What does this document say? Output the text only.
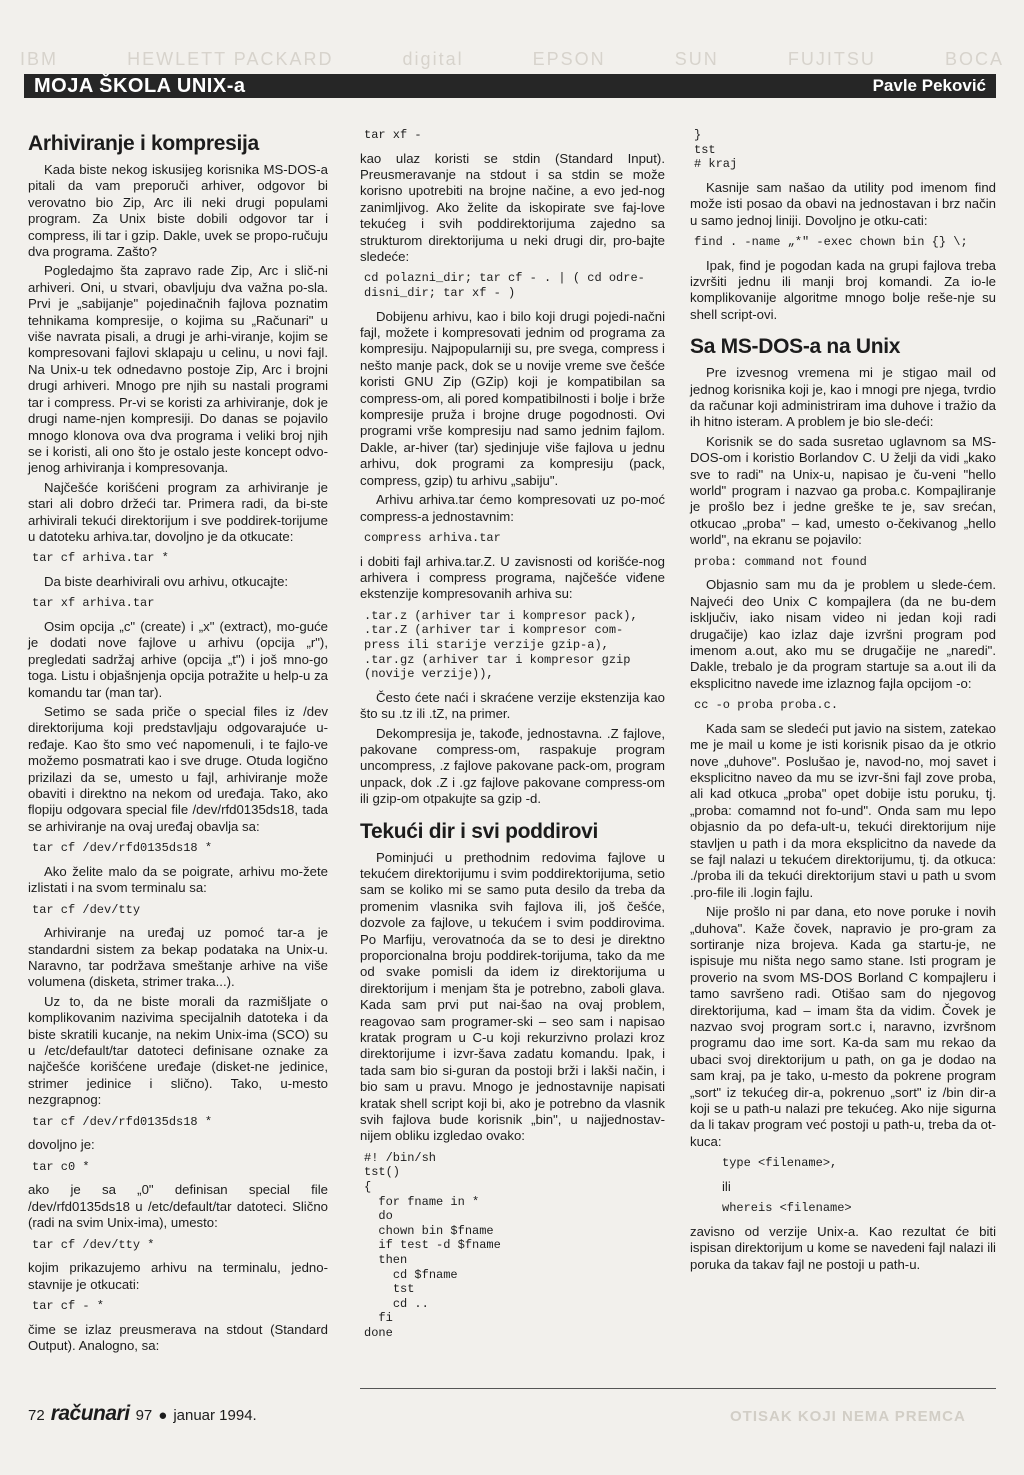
IBM	HEWLETT PACKARD	digital	EPSON	SUN	FUJITSU	BOCA
MOJA ŠKOLA UNIX-a	Pavle Peković
Arhiviranje i kompresija

Kada biste nekog iskusijeg korisnika MS-DOS-a pitali da vam preporuči arhiver, odgovor bi verovatno bio Zip, Arc ili neki drugi populami program. Za Unix biste dobili odgovor tar i compress, ili tar i gzip. Dakle, uvek se propo-ručuju dva programa. Zašto?

Pogledajmo šta zapravo rade Zip, Arc i slič-ni arhiveri. Oni, u stvari, obavljuju dva važna po-sla. Prvi je „sabijanje" pojedinačnih fajlova poznatim tehnikama kompresije, o kojima su „Računari" u više navrata pisali, a drugi je arhi-viranje, kojim se kompresovani fajlovi sklapaju u celinu, u novi fajl. Na Unix-u tek odnedavno postoje Zip, Arc i brojni drugi arhiveri. Mnogo pre njih su nastali programi tar i compress. Pr-vi se koristi za arhiviranje, dok je drugi name-njen kompresiji. Do danas se pojavilo mnogo klonova ova dva programa i veliki broj njih se i koristi, ali ono što je ostalo jeste koncept odvo-jenog arhiviranja i kompresovanja.

Najčešće korišćeni program za arhiviranje je stari ali dobro držeći tar. Primera radi, da bi-ste arhivirali tekući direktorijum i sve poddirek-torijume u datoteku arhiva.tar, dovoljno je da otkucate:

tar cf arhiva.tar *

Da biste dearhivirali ovu arhivu, otkucajte:

tar xf arhiva.tar

Osim opcija „c" (create) i „x" (extract), mo-guće je dodati nove fajlove u arhivu (opcija „r"), pregledati sadržaj arhive (opcija „t") i još mno-go toga. Listu i objašnjenja opcija potražite u help-u za komandu tar (man tar).

Setimo se sada priče o special files iz /dev direktorijuma koji predstavljaju odgovarajuće u-ređaje. Kao što smo već napomenuli, i te fajlo-ve možemo posmatrati kao i sve druge. Otuda logično prizilazi da se, umesto u fajl, arhiviranje može obaviti i direktno na nekom od uređaja. Tako, ako flopiju odgovara special file /dev/rfd0135ds18, tada se arhiviranje na ovaj uređaj obavlja sa:

tar cf /dev/rfd0135ds18 *

Ako želite malo da se poigrate, arhivu mo-žete izlistati i na svom terminalu sa:

tar cf /dev/tty

Arhiviranje na uređaj uz pomoć tar-a je standardni sistem za bekap podataka na Unix-u. Naravno, tar podržava smeštanje arhive na više volumena (disketa, strimer traka...).

Uz to, da ne biste morali da razmišljate o komplikovanim nazivima specijalnih datoteka i da biste skratili kucanje, na nekim Unix-ima (SCO) su u /etc/default/tar datoteci definisane oznake za najčešće korišćene uređaje (disket-ne jedinice, strimer jedinice i slično). Tako, u-mesto nezgrapnog:

tar cf /dev/rfd0135ds18 *

dovoljno je:

tar c0 *

ako je sa „0" definisan special file /dev/rfd0135ds18 u /etc/default/tar datoteci. Slično (radi na svim Unix-ima), umesto:

tar cf /dev/tty *

kojim prikazujemo arhivu na terminalu, jedno-stavnije je otkucati:

tar cf - *

čime se izlaz preusmerava na stdout (Standard Output). Analogno, sa:

tar xf -

kao ulaz koristi se stdin (Standard Input). Preusmeravanje na stdout i sa stdin se može korisno upotrebiti na brojne načine, a evo jed-nog zanimljivog. Ako želite da iskopirate sve faj-love tekućeg i svih poddirektorijuma zajedno sa strukturom direktorijuma u neki drugi dir, pro-bajte sledeće:

cd polazni_dir; tar cf - . | ( cd odre-disni_dir; tar xf - )

Dobijenu arhivu, kao i bilo koji drugi pojedi-načni fajl, možete i kompresovati jednim od programa za kompresiju. Najpopularniji su, pre svega, compress i nešto manje pack, dok se u novije vreme sve češće koristi GNU Zip (GZip) koji je kompatibilan sa compress-om, ali pored kompatibilnosti i bolje i brže kompresije pruža i brojne druge pogodnosti. Ovi programi vrše kompresiju nad samo jednim fajlom. Dakle, ar-hiver (tar) sjedinjuje više fajlova u jednu arhivu, dok programi za kompresiju (pack, compress, gzip) tu arhivu „sabiju".

Arhivu arhiva.tar ćemo kompresovati uz po-moć compress-a jednostavnim:

compress arhiva.tar

i dobiti fajl arhiva.tar.Z. U zavisnosti od korišće-nog arhivera i compress programa, najčešće viđene ekstenzije kompresovanih arhiva su:

.tar.z (arhiver tar i kompresor pack),
.tar.Z (arhiver tar i kompresor com-
press ili starije verzije gzip-a),
.tar.gz (arhiver tar i kompresor gzip
(novije verzije)),

Često ćete naći i skraćene verzije ekstenzija kao što su .tz ili .tZ, na primer.

Dekompresija je, takođe, jednostavna. .Z fajlove, pakovane compress-om, raspakuje program uncompress, .z fajlove pakovane pack-om, program unpack, dok .Z i .gz fajlove pakovane compress-om ili gzip-om otpakujte sa gzip -d.

Tekući dir i svi poddirovi

Pominjući u prethodnim redovima fajlove u tekućem direktorijumu i svim poddirektorijuma, setio sam se koliko mi se samo puta desilo da treba da promenim vlasnika svih fajlova ili, još češće, dozvole za fajlove, u tekućem i svim poddirovima. Po Marfiju, verovatnoća da se to desi je direktno proporcionalna broju poddirek-torijuma, tako da me od svake pomisli da idem iz direktorijuma u direktorijum i menjam šta je potrebno, zaboli glava. Kada sam prvi put nai-šao na ovaj problem, reagovao sam programer-ski – seo sam i napisao kratak program u C-u koji rekurzivno prolazi kroz direktorijume i izvr-šava zadatu komandu. Ipak, i tada sam bio si-guran da postoji brži i lakši način, i bio sam u pravu. Mnogo je jednostavnije napisati kratak shell script koji bi, ako je potrebno da vlasnik svih fajlova bude korisnik „bin", u najjednostav-nijem obliku izgledao ovako:

#! /bin/sh
tst()
{
for fname in *
do
chown bin $fname
if test -d $fname
then
cd $fname
tst
cd ..
fi
done
}
tst
# kraj

Kasnije sam našao da utility pod imenom find može isti posao da obavi na jednostavan i brz način u samo jednoj liniji. Dovoljno je otku-cati:

find . -name „*" -exec chown bin {} \;

Ipak, find je pogodan kada na grupi fajlova treba izvršiti jednu ili manji broj komandi. Za io-le komplikovanije algoritme mnogo bolje reše-nje su shell script-ovi.

Sa MS-DOS-a na Unix

Pre izvesnog vremena mi je stigao mail od jednog korisnika koji je, kao i mnogi pre njega, tvrdio da računar koji administriram ima duhove i tražio da ih hitno isteram. A problem je bio sle-deći:

Korisnik se do sada susretao uglavnom sa MS-DOS-om i koristio Borlandov C. U želji da vidi „kako sve to radi" na Unix-u, napisao je ču-veni "hello world" program i nazvao ga proba.c. Kompajliranje je prošlo bez i jedne greške te je, sav srećan, otkucao „proba" – kad, umesto o-čekivanog „hello world", na ekranu se pojavilo:

proba: command not found

Objasnio sam mu da je problem u slede-ćem. Najveći deo Unix C kompajlera (da ne bu-dem isključiv, iako nisam video ni jedan koji radi drugačije) kao izlaz daje izvršni program pod imenom a.out, ako mu se drugačije ne „naredi". Dakle, trebalo je da program startuje sa a.out ili da eksplicitno navede ime izlaznog fajla opcijom -o:

cc -o proba proba.c.

Kada sam se sledeći put javio na sistem, zatekao me je mail u kome je isti korisnik pisao da je otkrio nove „duhove". Poslušao je, navod-no, moj savet i eksplicitno naveo da mu se izvr-šni fajl zove proba, ali kad otkuca „proba" opet dobije istu poruku, tj. „proba: comamnd not fo-und". Onda sam mu lepo objasnio da po defa-ult-u, tekući direktorijum nije stavljen u path i da mora eksplicitno da navede da se fajl nalazi u tekućem direktorijumu, tj. da otkuca: ./proba ili da tekući direktorijum stavi u path u svom .pro-file ili .login fajlu.

Nije prošlo ni par dana, eto nove poruke i novih „duhova". Kaže čovek, napravio je pro-gram za sortiranje niza brojeva. Kada ga startu-je, ne ispisuje mu ništa nego samo stane. Isti program je proverio na svom MS-DOS Borland C kompajleru i tamo savršeno radi. Otišao sam do njegovog direktorijuma, kad – imam šta da vidim. Čovek je nazvao svoj program sort.c i, naravno, izvršnom programu dao ime sort. Ka-da sam mu rekao da ubaci svoj direktorijum u path, on ga je dodao na sam kraj, pa je tako, u-mesto da pokrene program „sort" iz tekućeg dir-a, pokrenuo „sort" iz /bin dir-a koji se u path-u nalazi pre tekućeg. Ako nije sigurna da li takav program već postoji u path-u, treba da ot-kuca:

type <filename>,

ili

whereis <filename>

zavisno od verzije Unix-a. Kao rezultat će biti ispisan direktorijum u kome se navedeni fajl nalazi ili poruka da takav fajl ne postoji u path-u.

72 računari 97 ● januar 1994.	OTISAK KOJI NEMA PREMCA
